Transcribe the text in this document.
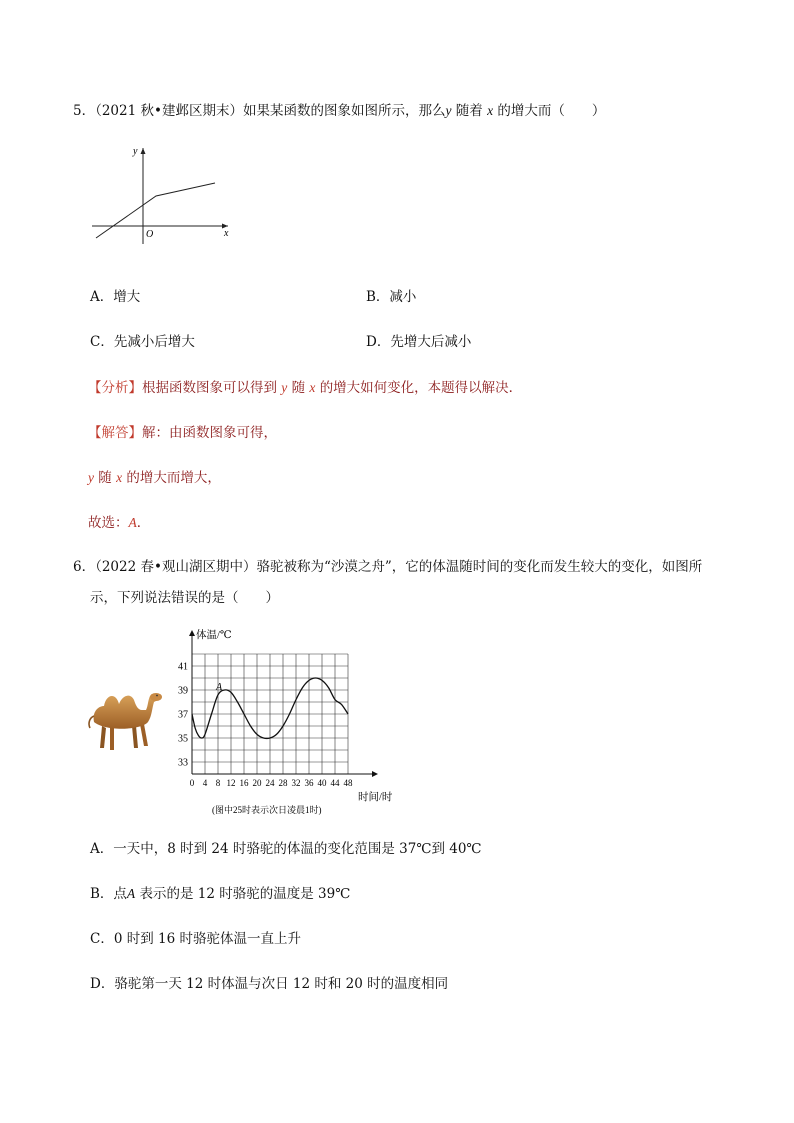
5．（2021 秋•建邺区期末）如果某函数的图象如图所示，那么y 随着 x 的增大而（　　）
y
x
O
A．增大	B．减小
C．先减小后增大	D．先增大后减小
【分析】根据函数图象可以得到 y 随 x 的增大如何变化，本题得以解决．
【解答】解：由函数图象可得，
y 随 x 的增大而增大，
故选：A．
6．（2022 春•观山湖区期中）骆驼被称为“沙漠之舟”，它的体温随时间的变化而发生较大的变化，如图所
示，下列说法错误的是（　　）
33
35
37
39
41
0 4 8 12 16 20 24 28 32 36 40 44 48
A
体温/℃
时间/时
(图中25时表示次日凌晨1时)
A．一天中，8 时到 24 时骆驼的体温的变化范围是 37℃到 40℃
B．点A 表示的是 12 时骆驼的温度是 39℃
C．0 时到 16 时骆驼体温一直上升
D．骆驼第一天 12 时体温与次日 12 时和 20 时的温度相同
